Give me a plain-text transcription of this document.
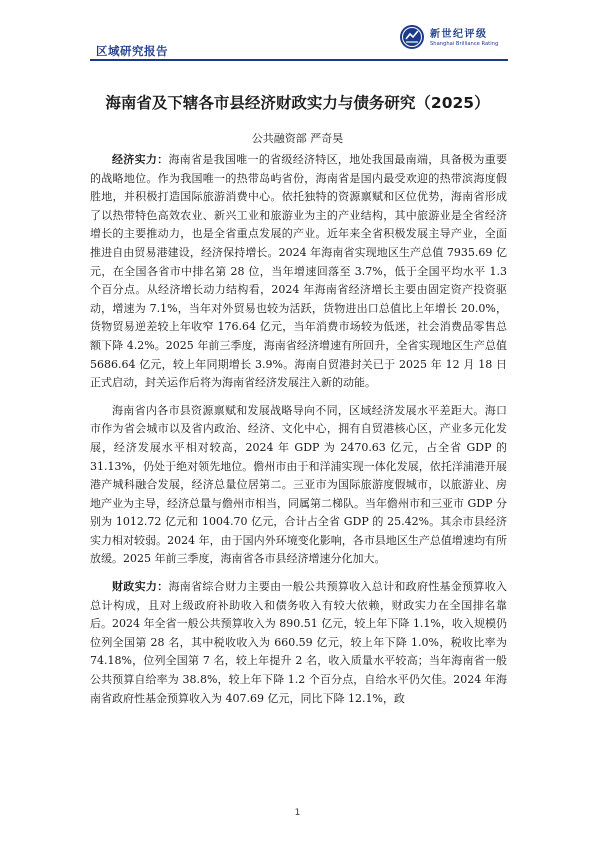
区域研究报告
新世纪评级
Shanghai Brilliance Rating
海南省及下辖各市县经济财政实力与债务研究（2025）
公共融资部 严奇昊

经济实力：海南省是我国唯一的省级经济特区，地处我国最南端，具备极为重要的战略地位。作为我国唯一的热带岛屿省份，海南省是国内最受欢迎的热带滨海度假胜地，并积极打造国际旅游消费中心。依托独特的资源禀赋和区位优势，海南省形成了以热带特色高效农业、新兴工业和旅游业为主的产业结构，其中旅游业是全省经济增长的主要推动力，也是全省重点发展的产业。近年来全省积极发展主导产业，全面推进自由贸易港建设，经济保持增长。2024 年海南省实现地区生产总值 7935.69 亿元，在全国各省市中排名第 28 位，当年增速回落至 3.7%，低于全国平均水平 1.3 个百分点。从经济增长动力结构看，2024 年海南省经济增长主要由固定资产投资驱动，增速为 7.1%，当年对外贸易也较为活跃，货物进出口总值比上年增长 20.0%，货物贸易逆差较上年收窄 176.64 亿元，当年消费市场较为低迷，社会消费品零售总额下降 4.2%。2025 年前三季度，海南省经济增速有所回升，全省实现地区生产总值 5686.64 亿元，较上年同期增长 3.9%。海南自贸港封关已于 2025 年 12 月 18 日正式启动，封关运作后将为海南省经济发展注入新的动能。

海南省内各市县资源禀赋和发展战略导向不同，区域经济发展水平差距大。海口市作为省会城市以及省内政治、经济、文化中心，拥有自贸港核心区，产业多元化发展，经济发展水平相对较高，2024 年 GDP 为 2470.63 亿元，占全省 GDP 的 31.13%，仍处于绝对领先地位。儋州市由于和洋浦实现一体化发展，依托洋浦港开展港产城科融合发展，经济总量位居第二。三亚市为国际旅游度假城市，以旅游业、房地产业为主导，经济总量与儋州市相当，同属第二梯队。当年儋州市和三亚市 GDP 分别为 1012.72 亿元和 1004.70 亿元，合计占全省 GDP 的 25.42%。其余市县经济实力相对较弱。2024 年，由于国内外环境变化影响，各市县地区生产总值增速均有所放缓。2025 年前三季度，海南省各市县经济增速分化加大。

财政实力：海南省综合财力主要由一般公共预算收入总计和政府性基金预算收入总计构成，且对上级政府补助收入和债务收入有较大依赖，财政实力在全国排名靠后。2024 年全省一般公共预算收入为 890.51 亿元，较上年下降 1.1%，收入规模仍位列全国第 28 名，其中税收收入为 660.59 亿元，较上年下降 1.0%，税收比率为 74.18%，位列全国第 7 名，较上年提升 2 名，收入质量水平较高；当年海南省一般公共预算自给率为 38.8%，较上年下降 1.2 个百分点，自给水平仍欠佳。2024 年海南省政府性基金预算收入为 407.69 亿元，同比下降 12.1%，政

1
